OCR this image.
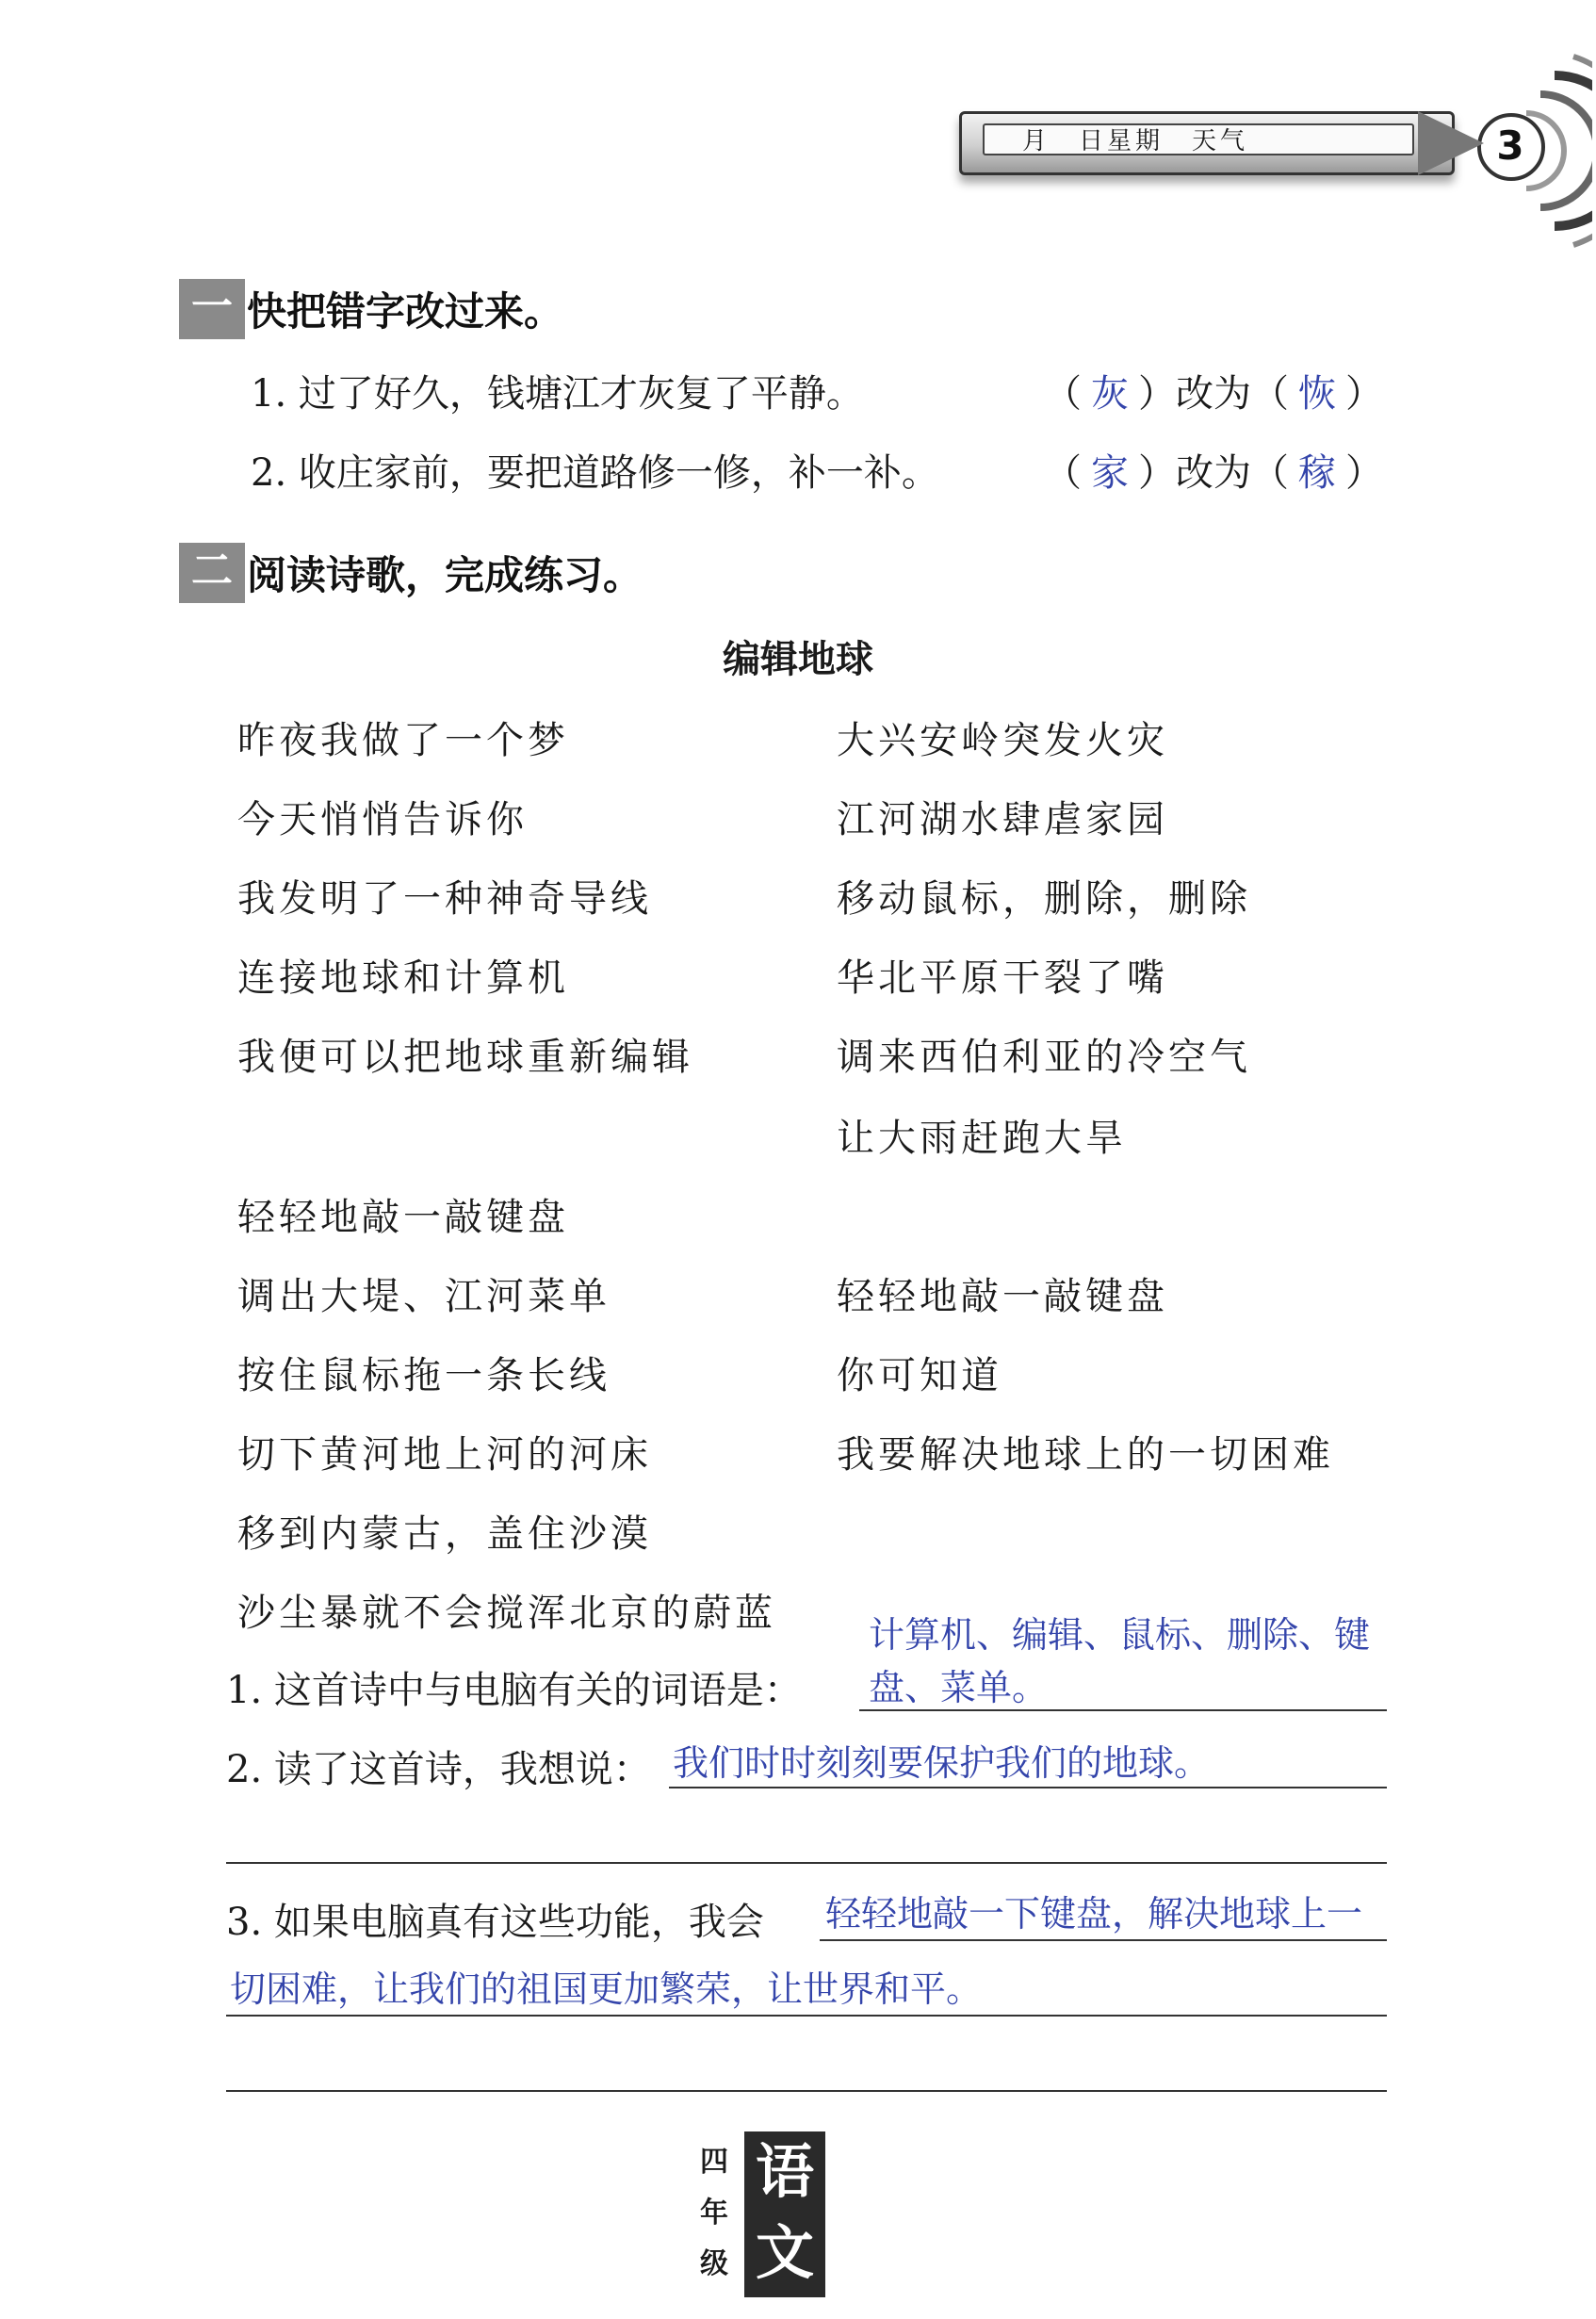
月　日星期　天气	3
一 快把错字改过来。
1. 过了好久，钱塘江才灰复了平静。	（ 灰 ）改为（ 恢 ）
2. 收庄家前，要把道路修一修，补一补。	（ 家 ）改为（ 稼 ）
二 阅读诗歌，完成练习。
编辑地球
昨夜我做了一个梦
今天悄悄告诉你
我发明了一种神奇导线
连接地球和计算机
我便可以把地球重新编辑
轻轻地敲一敲键盘
调出大堤、江河菜单
按住鼠标拖一条长线
切下黄河地上河的河床
移到内蒙古，盖住沙漠
沙尘暴就不会搅浑北京的蔚蓝
大兴安岭突发火灾
江河湖水肆虐家园
移动鼠标，删除，删除
华北平原干裂了嘴
调来西伯利亚的冷空气
让大雨赶跑大旱
轻轻地敲一敲键盘
你可知道
我要解决地球上的一切困难
计算机、编辑、鼠标、删除、键
1. 这首诗中与电脑有关的词语是： 盘、菜单。
2. 读了这首诗，我想说： 我们时时刻刻要保护我们的地球。
3. 如果电脑真有这些功能，我会 轻轻地敲一下键盘，解决地球上一
切困难，让我们的祖国更加繁荣，让世界和平。
四
年
级
语
文
